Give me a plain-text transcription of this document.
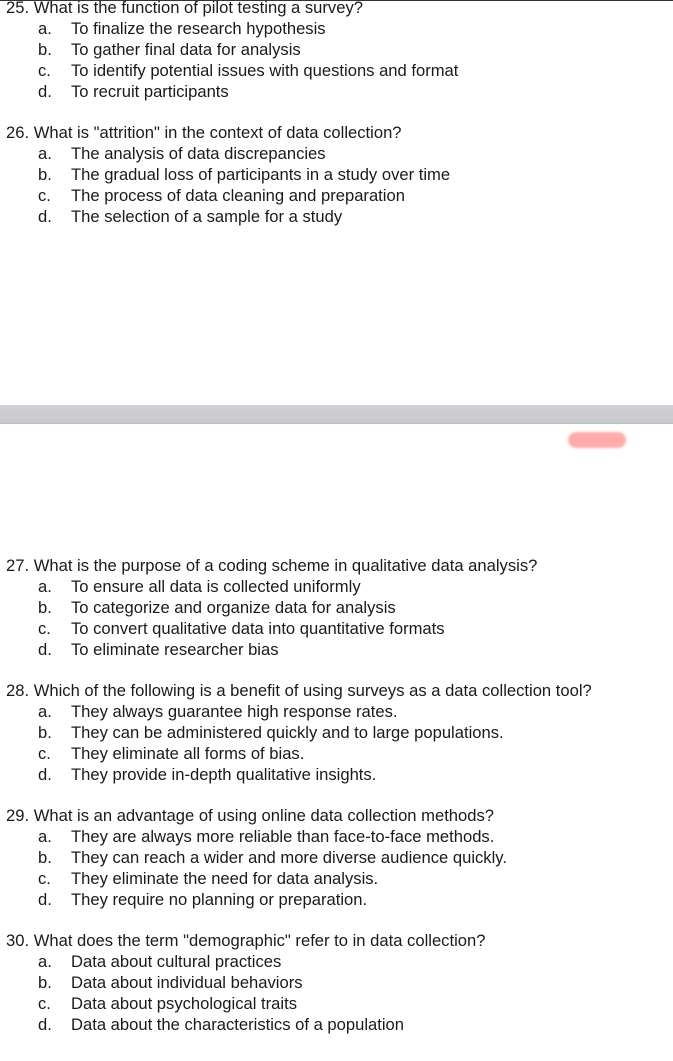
25. What is the function of pilot testing a survey?
a. To finalize the research hypothesis
b. To gather final data for analysis
c. To identify potential issues with questions and format
d. To recruit participants
26. What is "attrition" in the context of data collection?
a. The analysis of data discrepancies
b. The gradual loss of participants in a study over time
c. The process of data cleaning and preparation
d. The selection of a sample for a study
27. What is the purpose of a coding scheme in qualitative data analysis?
a. To ensure all data is collected uniformly
b. To categorize and organize data for analysis
c. To convert qualitative data into quantitative formats
d. To eliminate researcher bias
28. Which of the following is a benefit of using surveys as a data collection tool?
a. They always guarantee high response rates.
b. They can be administered quickly and to large populations.
c. They eliminate all forms of bias.
d. They provide in-depth qualitative insights.
29. What is an advantage of using online data collection methods?
a. They are always more reliable than face-to-face methods.
b. They can reach a wider and more diverse audience quickly.
c. They eliminate the need for data analysis.
d. They require no planning or preparation.
30. What does the term "demographic" refer to in data collection?
a. Data about cultural practices
b. Data about individual behaviors
c. Data about psychological traits
d. Data about the characteristics of a population
